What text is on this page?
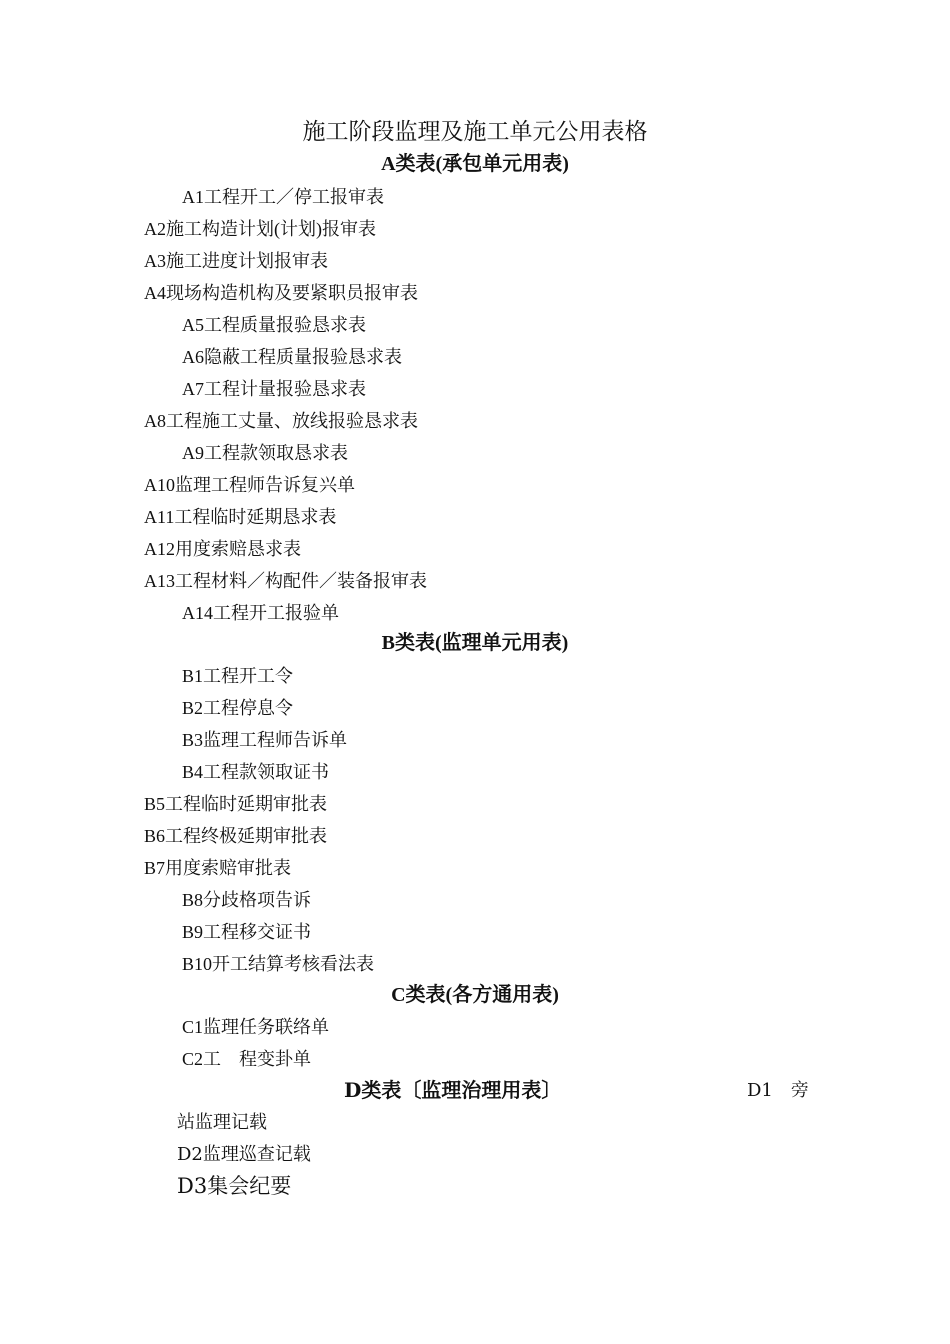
施工阶段监理及施工单元公用表格
A类表(承包单元用表)
A1工程开工／停工报审表
A2施工构造计划(计划)报审表
A3施工进度计划报审表
A4现场构造机构及要紧职员报审表
A5工程质量报验恳求表
A6隐蔽工程质量报验恳求表
A7工程计量报验恳求表
A8工程施工丈量、放线报验恳求表
A9工程款领取恳求表
A10监理工程师告诉复兴单
A11工程临时延期恳求表
A12用度索赔恳求表
A13工程材料／构配件／装备报审表
A14工程开工报验单
B类表(监理单元用表)
B1工程开工令
B2工程停息令
B3监理工程师告诉单
B4工程款领取证书
B5工程临时延期审批表
B6工程终极延期审批表
B7用度索赔审批表
B8分歧格项告诉
B9工程移交证书
B10开工结算考核看法表
C类表(各方通用表)
C1监理任务联络单
C2工　程变卦单
D类表〔监理治理用表〕	D1　旁
站监理记载
D2监理巡查记载
D3集会纪要
